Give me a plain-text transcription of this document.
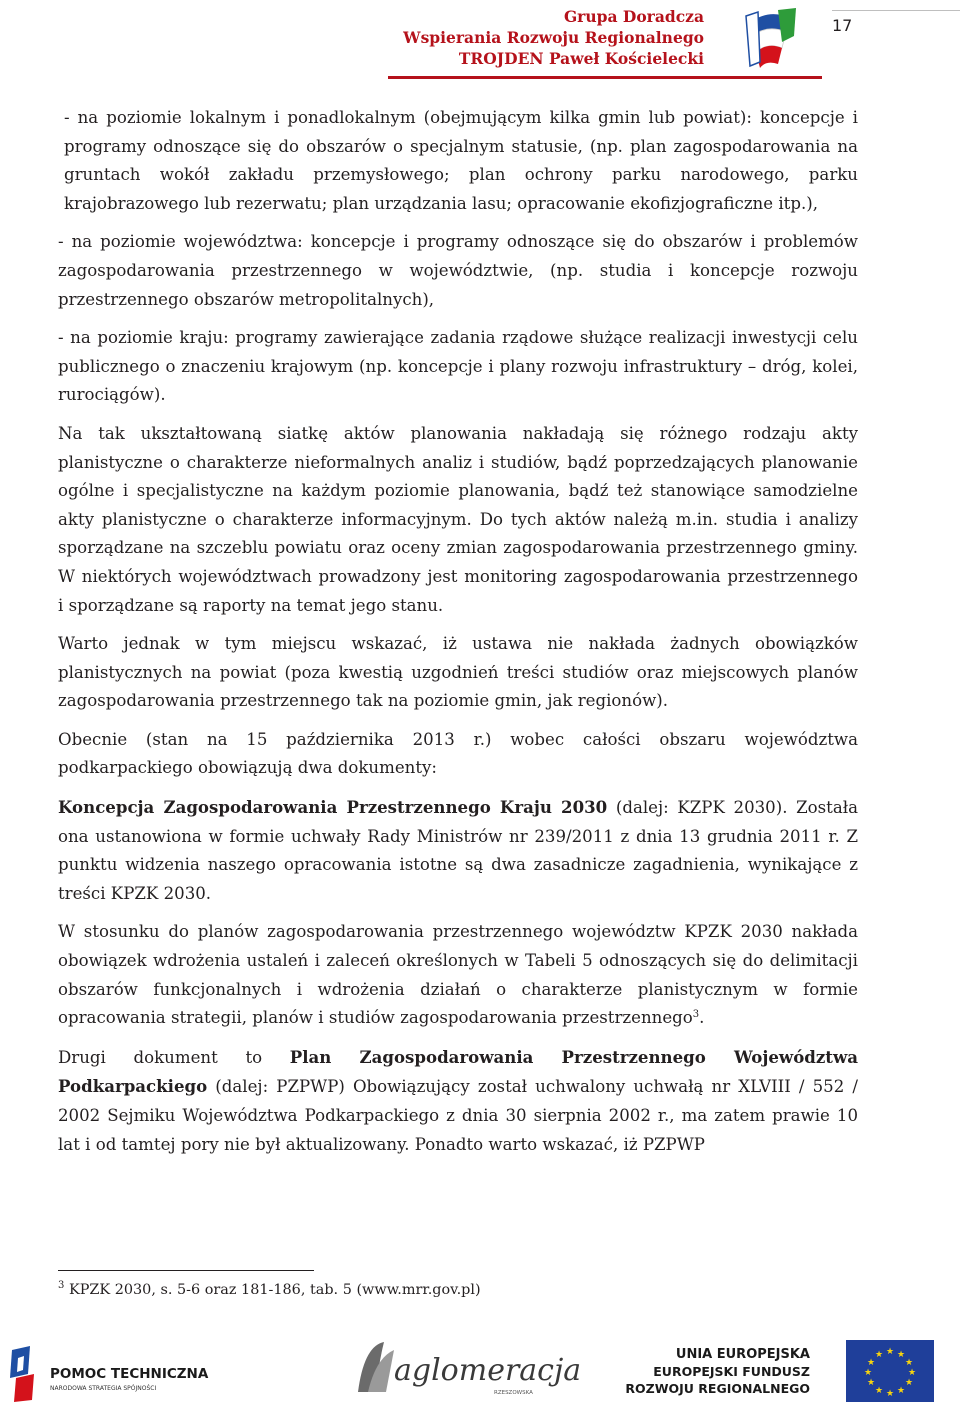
Grupa Doradcza
Wspierania Rozwoju Regionalnego
TROJDEN Paweł Kościelecki
17

- na poziomie lokalnym i ponadlokalnym (obejmującym kilka gmin lub powiat): koncepcje i programy odnoszące się do obszarów o specjalnym statusie, (np. plan zagospodarowania na gruntach wokół zakładu przemysłowego; plan ochrony parku narodowego, parku krajobrazowego lub rezerwatu; plan urządzania lasu; opracowanie ekofizjograficzne itp.),

- na poziomie województwa: koncepcje i programy odnoszące się do obszarów i problemów zagospodarowania przestrzennego w województwie, (np. studia i koncepcje rozwoju przestrzennego obszarów metropolitalnych),

- na poziomie kraju: programy zawierające zadania rządowe służące realizacji inwestycji celu publicznego o znaczeniu krajowym (np. koncepcje i plany rozwoju infrastruktury – dróg, kolei, rurociągów).

Na tak ukształtowaną siatkę aktów planowania nakładają się różnego rodzaju akty planistyczne o charakterze nieformalnych analiz i studiów, bądź poprzedzających planowanie ogólne i specjalistyczne na każdym poziomie planowania, bądź też stanowiące samodzielne akty planistyczne o charakterze informacyjnym. Do tych aktów należą m.in. studia i analizy sporządzane na szczeblu powiatu oraz oceny zmian zagospodarowania przestrzennego gminy. W niektórych województwach prowadzony jest monitoring zagospodarowania przestrzennego i sporządzane są raporty na temat jego stanu.

Warto jednak w tym miejscu wskazać, iż ustawa nie nakłada żadnych obowiązków planistycznych na powiat (poza kwestią uzgodnień treści studiów oraz miejscowych planów zagospodarowania przestrzennego tak na poziomie gmin, jak regionów).

Obecnie (stan na 15 października 2013 r.) wobec całości obszaru województwa podkarpackiego obowiązują dwa dokumenty:

Koncepcja Zagospodarowania Przestrzennego Kraju 2030 (dalej: KZPK 2030). Została ona ustanowiona w formie uchwały Rady Ministrów nr 239/2011 z dnia 13 grudnia 2011 r. Z punktu widzenia naszego opracowania istotne są dwa zasadnicze zagadnienia, wynikające z treści KPZK 2030.

W stosunku do planów zagospodarowania przestrzennego województw KPZK 2030 nakłada obowiązek wdrożenia ustaleń i zaleceń określonych w Tabeli 5 odnoszących się do delimitacji obszarów funkcjonalnych i wdrożenia działań o charakterze planistycznym w formie opracowania strategii, planów i studiów zagospodarowania przestrzennego$^3$.

Drugi dokument to Plan Zagospodarowania Przestrzennego Województwa Podkarpackiego (dalej: PZPWP) Obowiązujący został uchwalony uchwałą nr XLVIII / 552 / 2002 Sejmiku Województwa Podkarpackiego z dnia 30 sierpnia 2002 r., ma zatem prawie 10 lat i od tamtej pory nie był aktualizowany. Ponadto warto wskazać, iż PZPWP

$^3$ KPZK 2030, s. 5-6 oraz 181-186, tab. 5 (www.mrr.gov.pl)
POMOC TECHNICZNA
NARODOWA STRATEGIA SPÓJNOŚCI
aglomeracja
RZESZOWSKA
UNIA EUROPEJSKA
EUROPEJSKI FUNDUSZ
ROZWOJU REGIONALNEGO
★ ★
★
★
★
★
★
★
★
★
★
★
